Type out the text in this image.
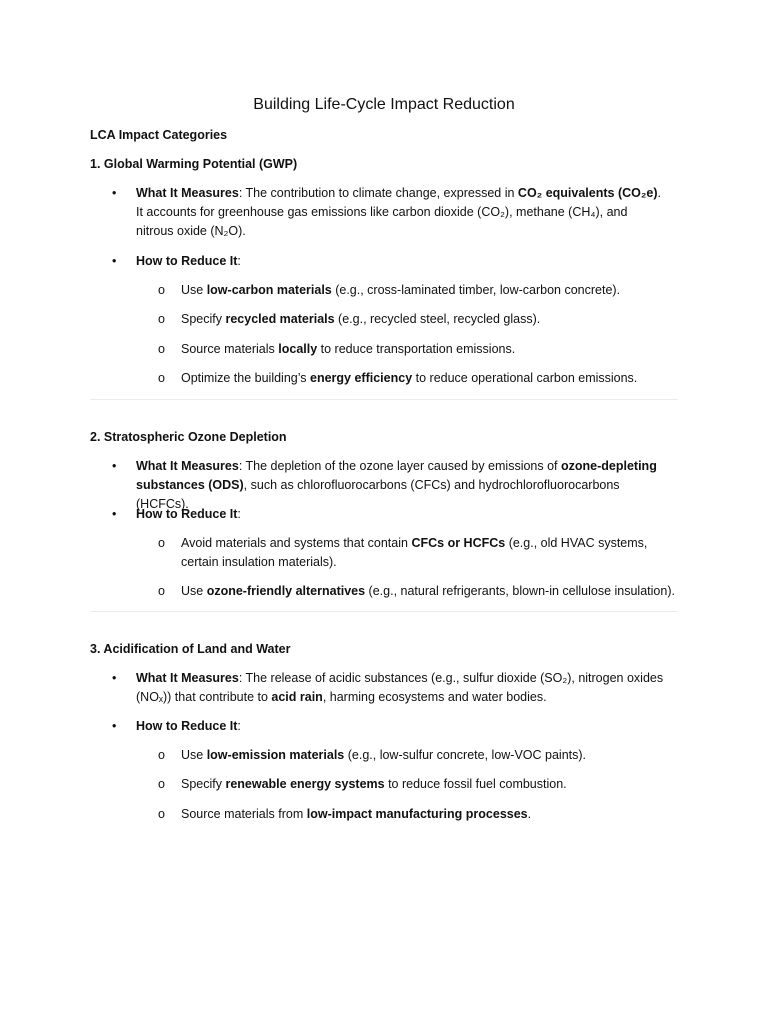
Building Life-Cycle Impact Reduction
LCA Impact Categories
1. Global Warming Potential (GWP)
• What It Measures: The contribution to climate change, expressed in CO₂ equivalents (CO₂e). It accounts for greenhouse gas emissions like carbon dioxide (CO₂), methane (CH₄), and nitrous oxide (N₂O).
• How to Reduce It:
o Use low-carbon materials (e.g., cross-laminated timber, low-carbon concrete).
o Specify recycled materials (e.g., recycled steel, recycled glass).
o Source materials locally to reduce transportation emissions.
o Optimize the building’s energy efficiency to reduce operational carbon emissions.
2. Stratospheric Ozone Depletion
• What It Measures: The depletion of the ozone layer caused by emissions of ozone-depleting substances (ODS), such as chlorofluorocarbons (CFCs) and hydrochlorofluorocarbons (HCFCs).
• How to Reduce It:
o Avoid materials and systems that contain CFCs or HCFCs (e.g., old HVAC systems, certain insulation materials).
o Use ozone-friendly alternatives (e.g., natural refrigerants, blown-in cellulose insulation).
3. Acidification of Land and Water
• What It Measures: The release of acidic substances (e.g., sulfur dioxide (SO₂), nitrogen oxides (NOₓ)) that contribute to acid rain, harming ecosystems and water bodies.
• How to Reduce It:
o Use low-emission materials (e.g., low-sulfur concrete, low-VOC paints).
o Specify renewable energy systems to reduce fossil fuel combustion.
o Source materials from low-impact manufacturing processes.
